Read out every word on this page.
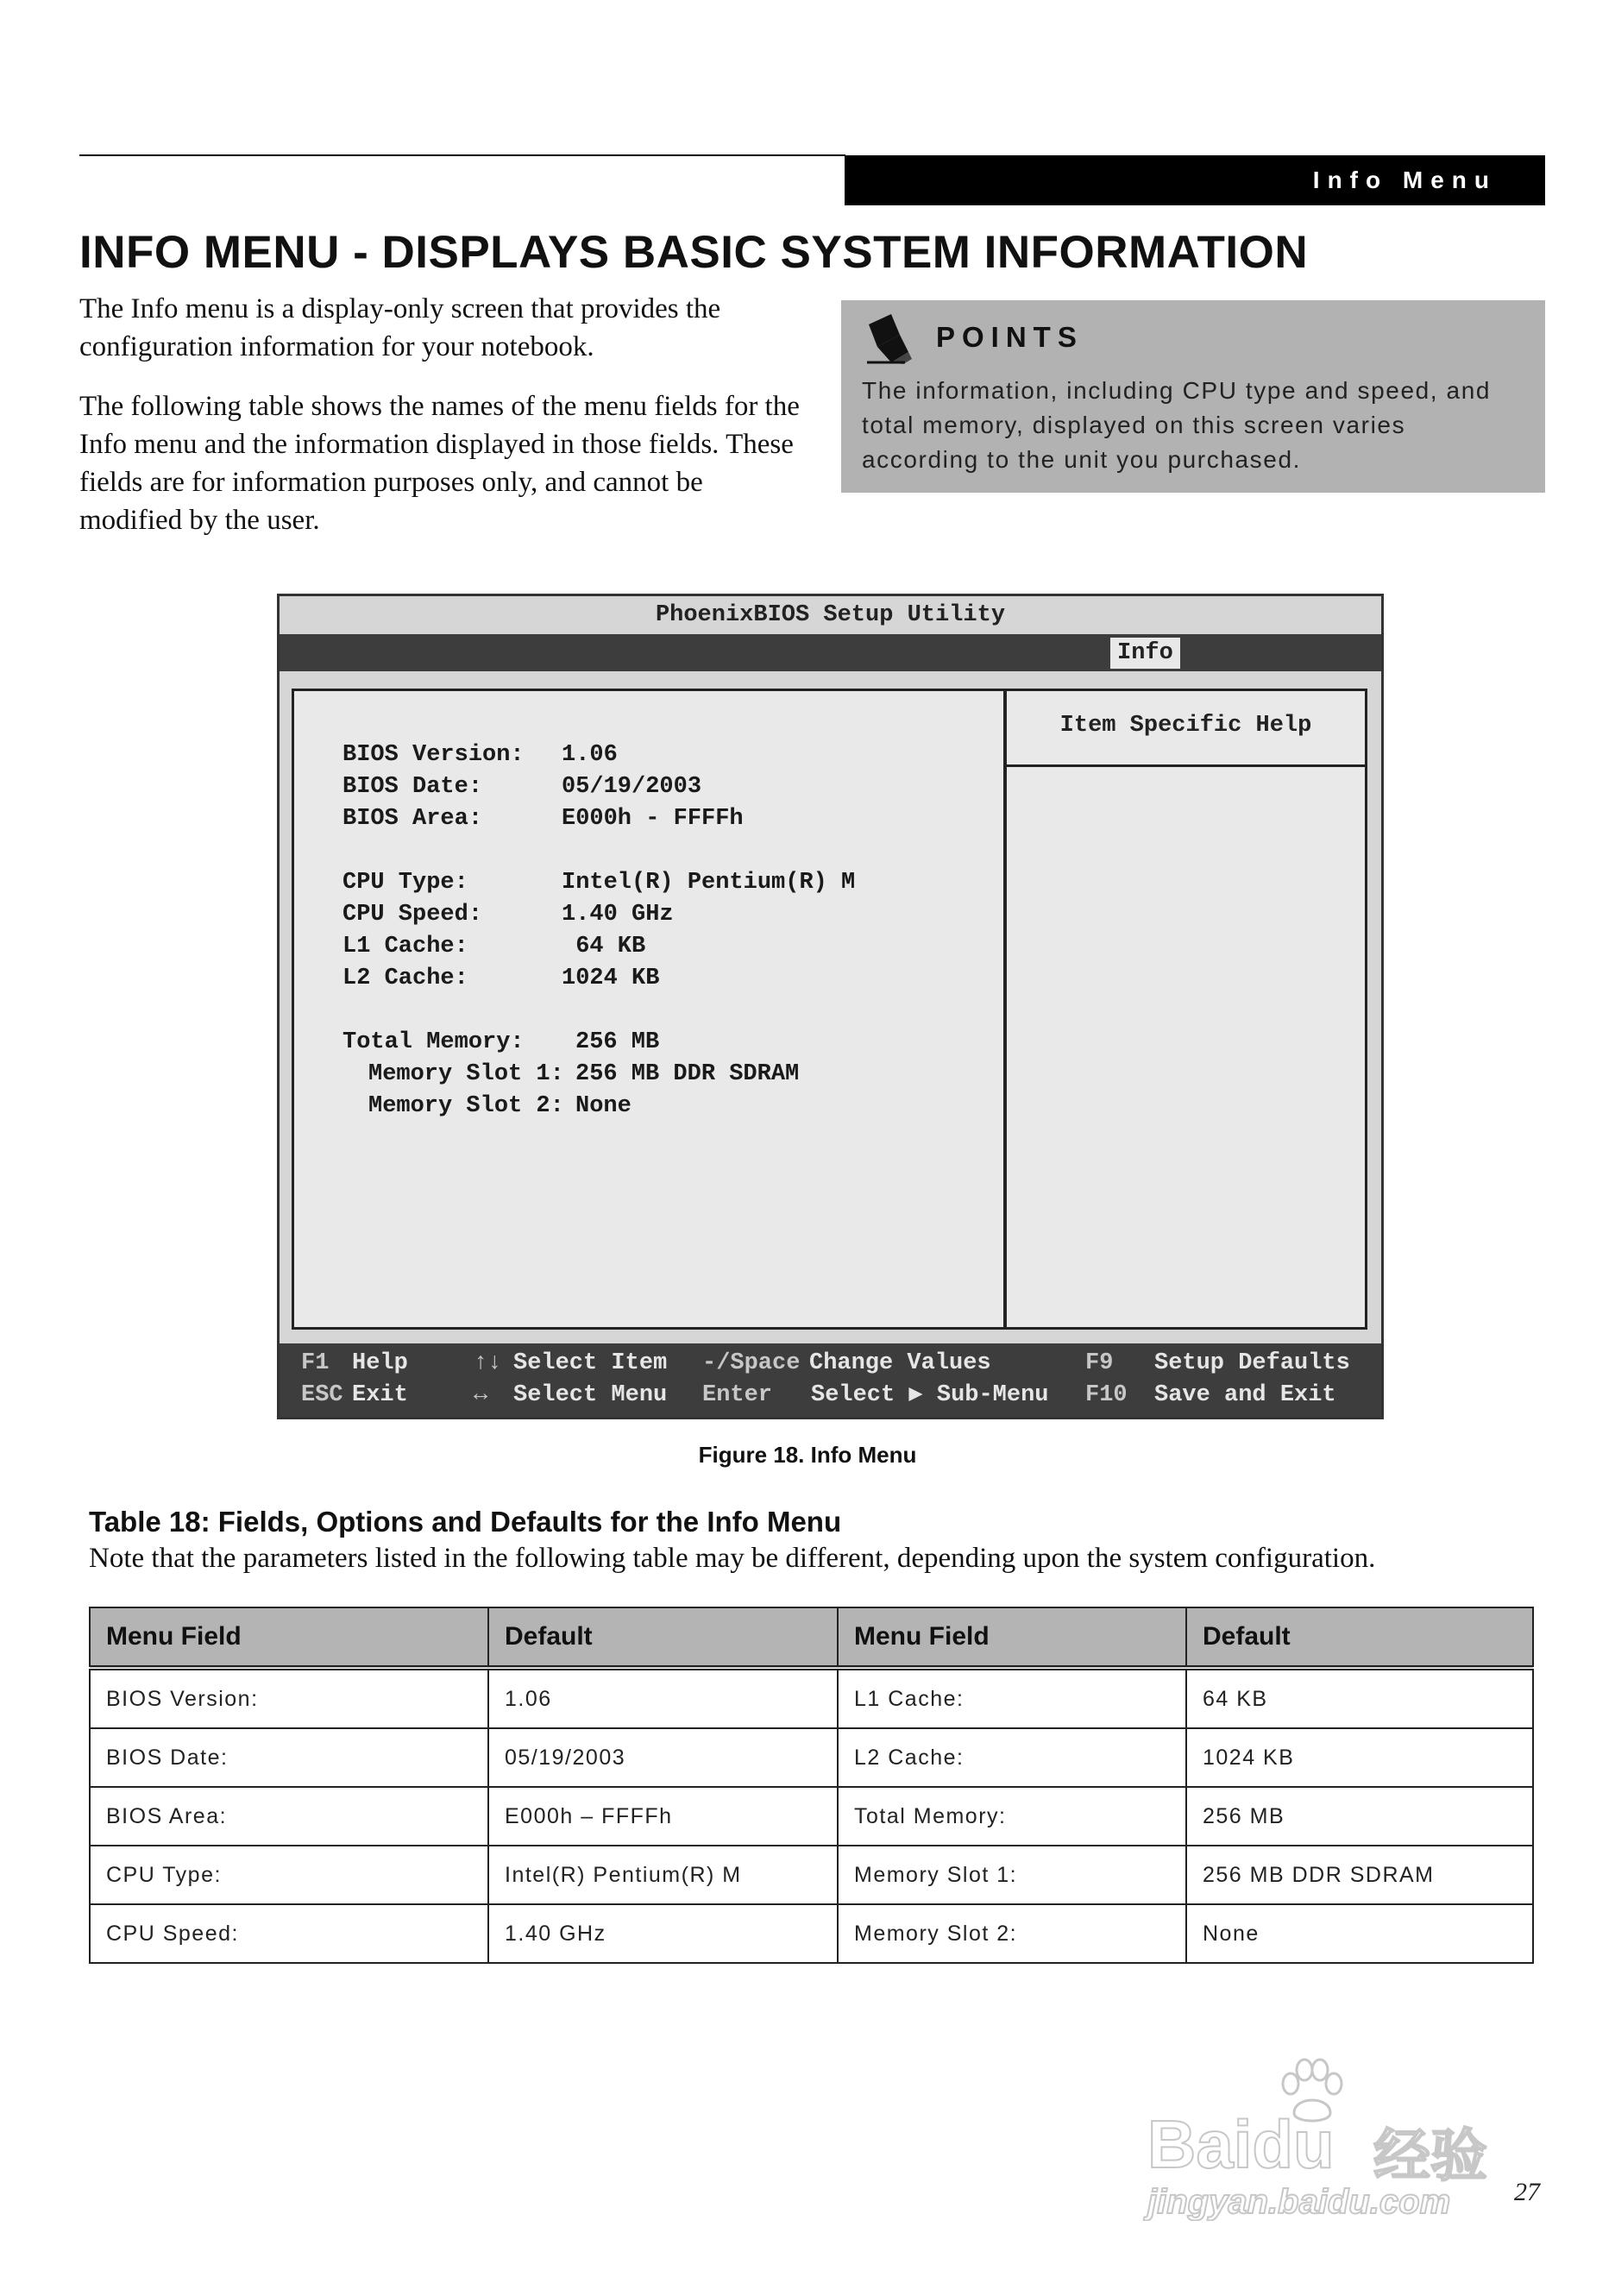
Info Menu
INFO MENU - DISPLAYS BASIC SYSTEM INFORMATION

The Info menu is a display-only screen that provides the configuration information for your notebook.

The following table shows the names of the menu fields for the Info menu and the information displayed in those fields. These fields are for information purposes only, and cannot be modified by the user.

POINTS
The information, including CPU type and speed, and total memory, displayed on this screen varies according to the unit you purchased.
PhoenixBIOS Setup Utility
Info
BIOS Version: 1.06
BIOS Date:	05/19/2003
BIOS Area:	E000h - FFFFh
CPU Type:	Intel(R) Pentium(R) M
CPU Speed:	1.40 GHz
L1 Cache:	64 KB
L2 Cache:	1024 KB
Total Memory: 256 MB
Memory Slot 1: 256 MB DDR SDRAM
Memory Slot 2: None
Item Specific Help
F1 Help	↑↓ Select Item -/Space Change Values	F9 Setup Defaults
ESC Exit	↔ Select Menu Enter Select ▶ Sub-Menu F10 Save and Exit
Figure 18. Info Menu
Table 18: Fields, Options and Defaults for the Info Menu
Note that the parameters listed in the following table may be different, depending upon the system configuration.
Menu Field	Default	Menu Field	Default
BIOS Version:	1.06	L1 Cache:	64 KB
BIOS Date:	05/19/2003	L2 Cache:	1024 KB
BIOS Area:	E000h – FFFFh	Total Memory:	256 MB
CPU Type:	Intel(R) Pentium(R) M	Memory Slot 1:	256 MB DDR SDRAM
CPU Speed:	1.40 GHz	Memory Slot 2:	None
Baidu 经验
jingyan.baidu.com 27
